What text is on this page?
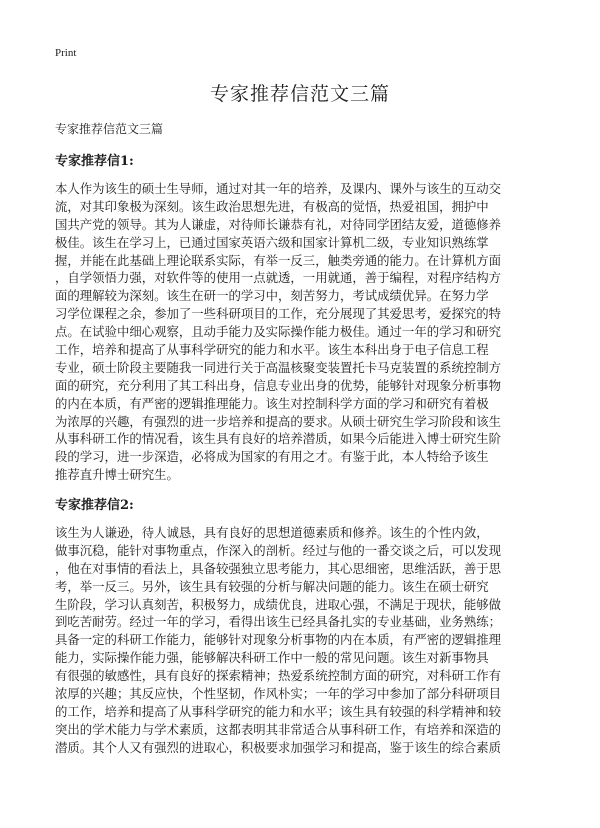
Print
专家推荐信范文三篇

专家推荐信范文三篇

专家推荐信1:
本人作为该生的硕士生导师，通过对其一年的培养，及课内、课外与该生的互动交
流，对其印象极为深刻。该生政治思想先进，有极高的觉悟，热爱祖国，拥护中
国共产党的领导。其为人谦虚，对待师长谦恭有礼，对待同学团结友爱，道德修养
极佳。该生在学习上，已通过国家英语六级和国家计算机二级，专业知识熟练掌
握，并能在此基础上理论联系实际，有举一反三，触类旁通的能力。在计算机方面
，自学领悟力强，对软件等的使用一点就透，一用就通，善于编程，对程序结构方
面的理解较为深刻。该生在研一的学习中，刻苦努力，考试成绩优异。在努力学
习学位课程之余，参加了一些科研项目的工作，充分展现了其爱思考，爱探究的特
点。在试验中细心观察，且动手能力及实际操作能力极佳。通过一年的学习和研究
工作，培养和提高了从事科学研究的能力和水平。该生本科出身于电子信息工程
专业，硕士阶段主要随我一同进行关于高温核聚变装置托卡马克装置的系统控制方
面的研究，充分利用了其工科出身，信息专业出身的优势，能够针对现象分析事物
的内在本质，有严密的逻辑推理能力。该生对控制科学方面的学习和研究有着极
为浓厚的兴趣，有强烈的进一步培养和提高的要求。从硕士研究生学习阶段和该生
从事科研工作的情况看，该生具有良好的培养潜质，如果今后能进入博士研究生阶
段的学习，进一步深造，必将成为国家的有用之才。有鉴于此，本人特给予该生
推荐直升博士研究生。
专家推荐信2:
该生为人谦逊，待人诚恳，具有良好的思想道德素质和修养。该生的个性内敛，
做事沉稳，能针对事物重点，作深入的剖析。经过与他的一番交谈之后，可以发现
，他在对事情的看法上，具备较强独立思考能力，其心思细密，思维活跃，善于思
考，举一反三。另外，该生具有较强的分析与解决问题的能力。该生在硕士研究
生阶段，学习认真刻苦，积极努力，成绩优良，进取心强，不满足于现状，能够做
到吃苦耐劳。经过一年的学习，看得出该生已经具备扎实的专业基础，业务熟练；
具备一定的科研工作能力，能够针对现象分析事物的内在本质，有严密的逻辑推理
能力，实际操作能力强，能够解决科研工作中一般的常见问题。该生对新事物具
有很强的敏感性，具有良好的探索精神；热爱系统控制方面的研究，对科研工作有
浓厚的兴趣；其反应快，个性坚韧，作风朴实；一年的学习中参加了部分科研项目
的工作，培养和提高了从事科学研究的能力和水平；该生具有较强的科学精神和较
突出的学术能力与学术素质，这都表明其非常适合从事科研工作，有培养和深造的
潜质。其个人又有强烈的进取心，积极要求加强学习和提高，鉴于该生的综合素质
